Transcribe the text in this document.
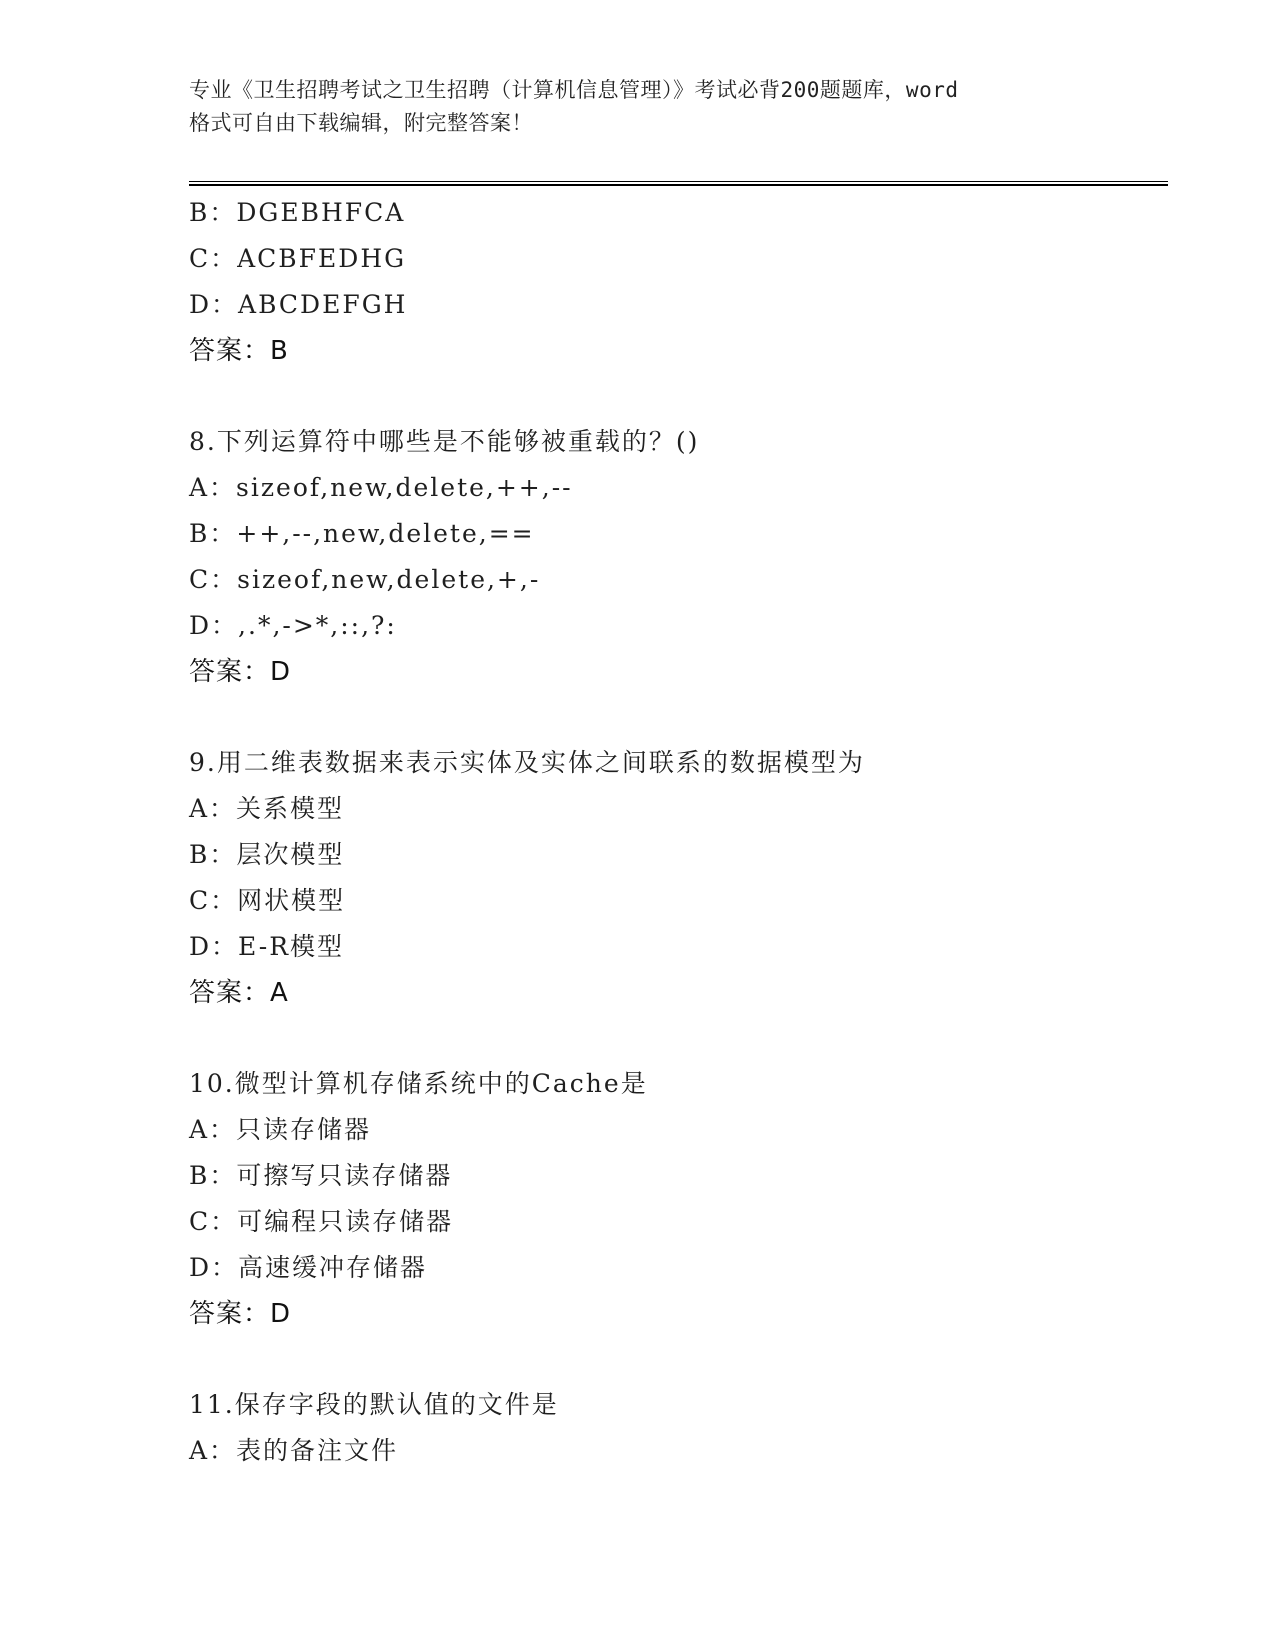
专业《卫生招聘考试之卫生招聘（计算机信息管理）》考试必背200题题库，word
格式可自由下载编辑，附完整答案！
B：DGEBHFCA
C：ACBFEDHG
D：ABCDEFGH
答案：B
8.下列运算符中哪些是不能够被重载的？()
A：sizeof,new,delete,++,--
B：++,--,new,delete,==
C：sizeof,new,delete,+,-
D：,.*,->*,::,?:
答案：D
9.用二维表数据来表示实体及实体之间联系的数据模型为
A：关系模型
B：层次模型
C：网状模型
D：E-R模型
答案：A
10.微型计算机存储系统中的Cache是
A：只读存储器
B：可擦写只读存储器
C：可编程只读存储器
D：高速缓冲存储器
答案：D
11.保存字段的默认值的文件是
A：表的备注文件
